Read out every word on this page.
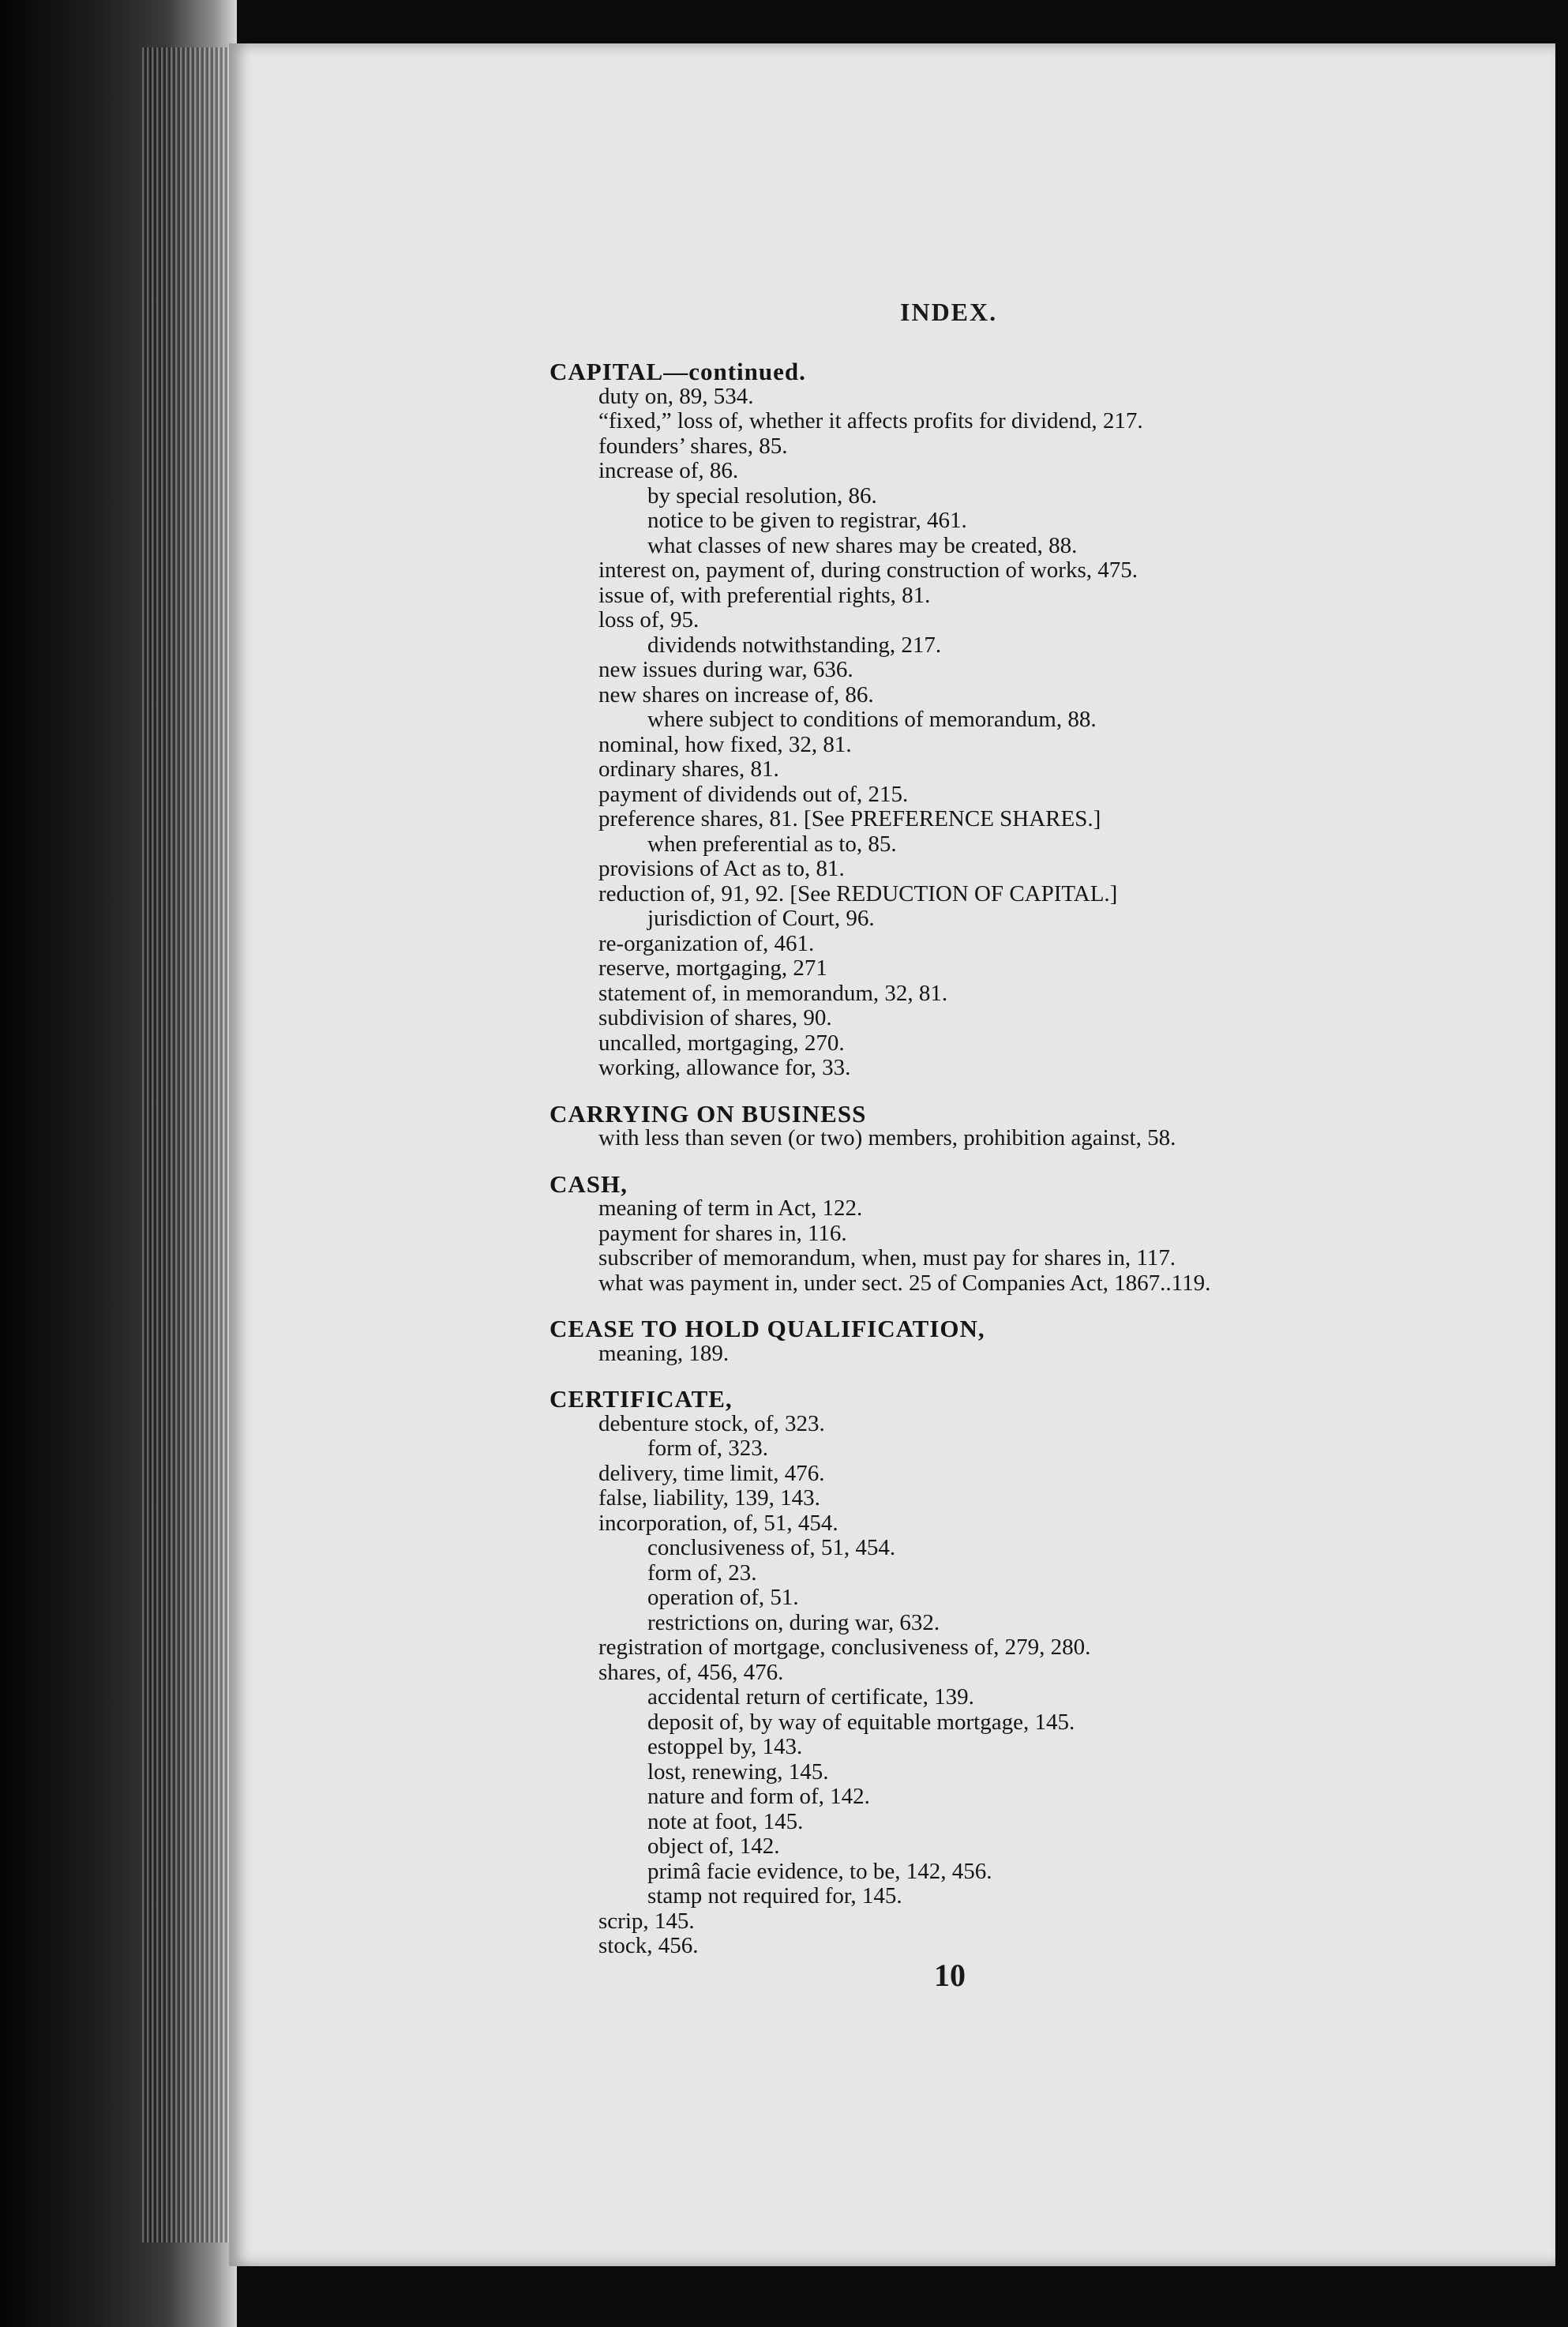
INDEX.
CAPITAL—continued.
duty on, 89, 534.
“fixed,” loss of, whether it affects profits for dividend, 217.
founders’ shares, 85.
increase of, 86.
by special resolution, 86.
notice to be given to registrar, 461.
what classes of new shares may be created, 88.
interest on, payment of, during construction of works, 475.
issue of, with preferential rights, 81.
loss of, 95.
dividends notwithstanding, 217.
new issues during war, 636.
new shares on increase of, 86.
where subject to conditions of memorandum, 88.
nominal, how fixed, 32, 81.
ordinary shares, 81.
payment of dividends out of, 215.
preference shares, 81. [See PREFERENCE SHARES.]
when preferential as to, 85.
provisions of Act as to, 81.
reduction of, 91, 92. [See REDUCTION OF CAPITAL.]
jurisdiction of Court, 96.
re-organization of, 461.
reserve, mortgaging, 271
statement of, in memorandum, 32, 81.
subdivision of shares, 90.
uncalled, mortgaging, 270.
working, allowance for, 33.
CARRYING ON BUSINESS
with less than seven (or two) members, prohibition against, 58.
CASH,
meaning of term in Act, 122.
payment for shares in, 116.
subscriber of memorandum, when, must pay for shares in, 117.
what was payment in, under sect. 25 of Companies Act, 1867..119.
CEASE TO HOLD QUALIFICATION,
meaning, 189.
CERTIFICATE,
debenture stock, of, 323.
form of, 323.
delivery, time limit, 476.
false, liability, 139, 143.
incorporation, of, 51, 454.
conclusiveness of, 51, 454.
form of, 23.
operation of, 51.
restrictions on, during war, 632.
registration of mortgage, conclusiveness of, 279, 280.
shares, of, 456, 476.
accidental return of certificate, 139.
deposit of, by way of equitable mortgage, 145.
estoppel by, 143.
lost, renewing, 145.
nature and form of, 142.
note at foot, 145.
object of, 142.
primâ facie evidence, to be, 142, 456.
stamp not required for, 145.
scrip, 145.
stock, 456.
10
